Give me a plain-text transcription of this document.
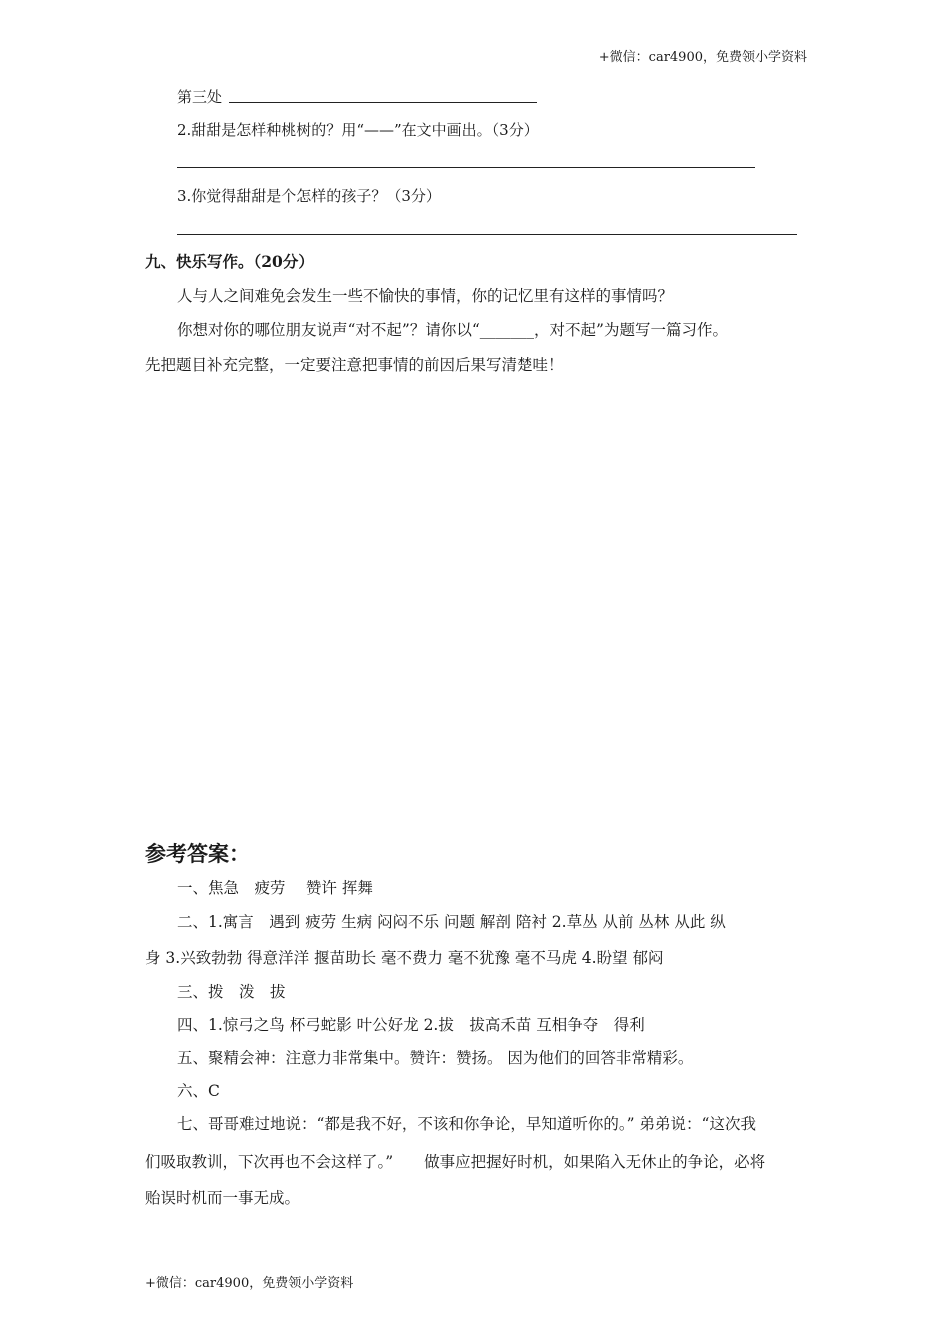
+微信：car4900，免费领小学资料
第三处
2.甜甜是怎样种桃树的？用“——”在文中画出。（3分）
3.你觉得甜甜是个怎样的孩子？（3分）
九、快乐写作。（20分）
人与人之间难免会发生一些不愉快的事情，你的记忆里有这样的事情吗？
你想对你的哪位朋友说声“对不起”？请你以“_______，对不起”为题写一篇习作。
先把题目补充完整，一定要注意把事情的前因后果写清楚哇！
参考答案：
一、焦急　疲劳　 赞许 挥舞
二、1.寓言　遇到 疲劳 生病 闷闷不乐 问题 解剖 陪衬 2.草丛 从前 丛林 从此 纵
身 3.兴致勃勃 得意洋洋 揠苗助长 毫不费力 毫不犹豫 毫不马虎 4.盼望 郁闷
三、拨　泼　拔
四、1.惊弓之鸟 杯弓蛇影 叶公好龙 2.拔　拔高禾苗 互相争夺　得利
五、聚精会神：注意力非常集中。赞许：赞扬。 因为他们的回答非常精彩。
六、C
七、哥哥难过地说：“都是我不好，不该和你争论，早知道听你的。” 弟弟说：“这次我
们吸取教训，下次再也不会这样了。”　　做事应把握好时机，如果陷入无休止的争论，必将
贻误时机而一事无成。
+微信：car4900，免费领小学资料
